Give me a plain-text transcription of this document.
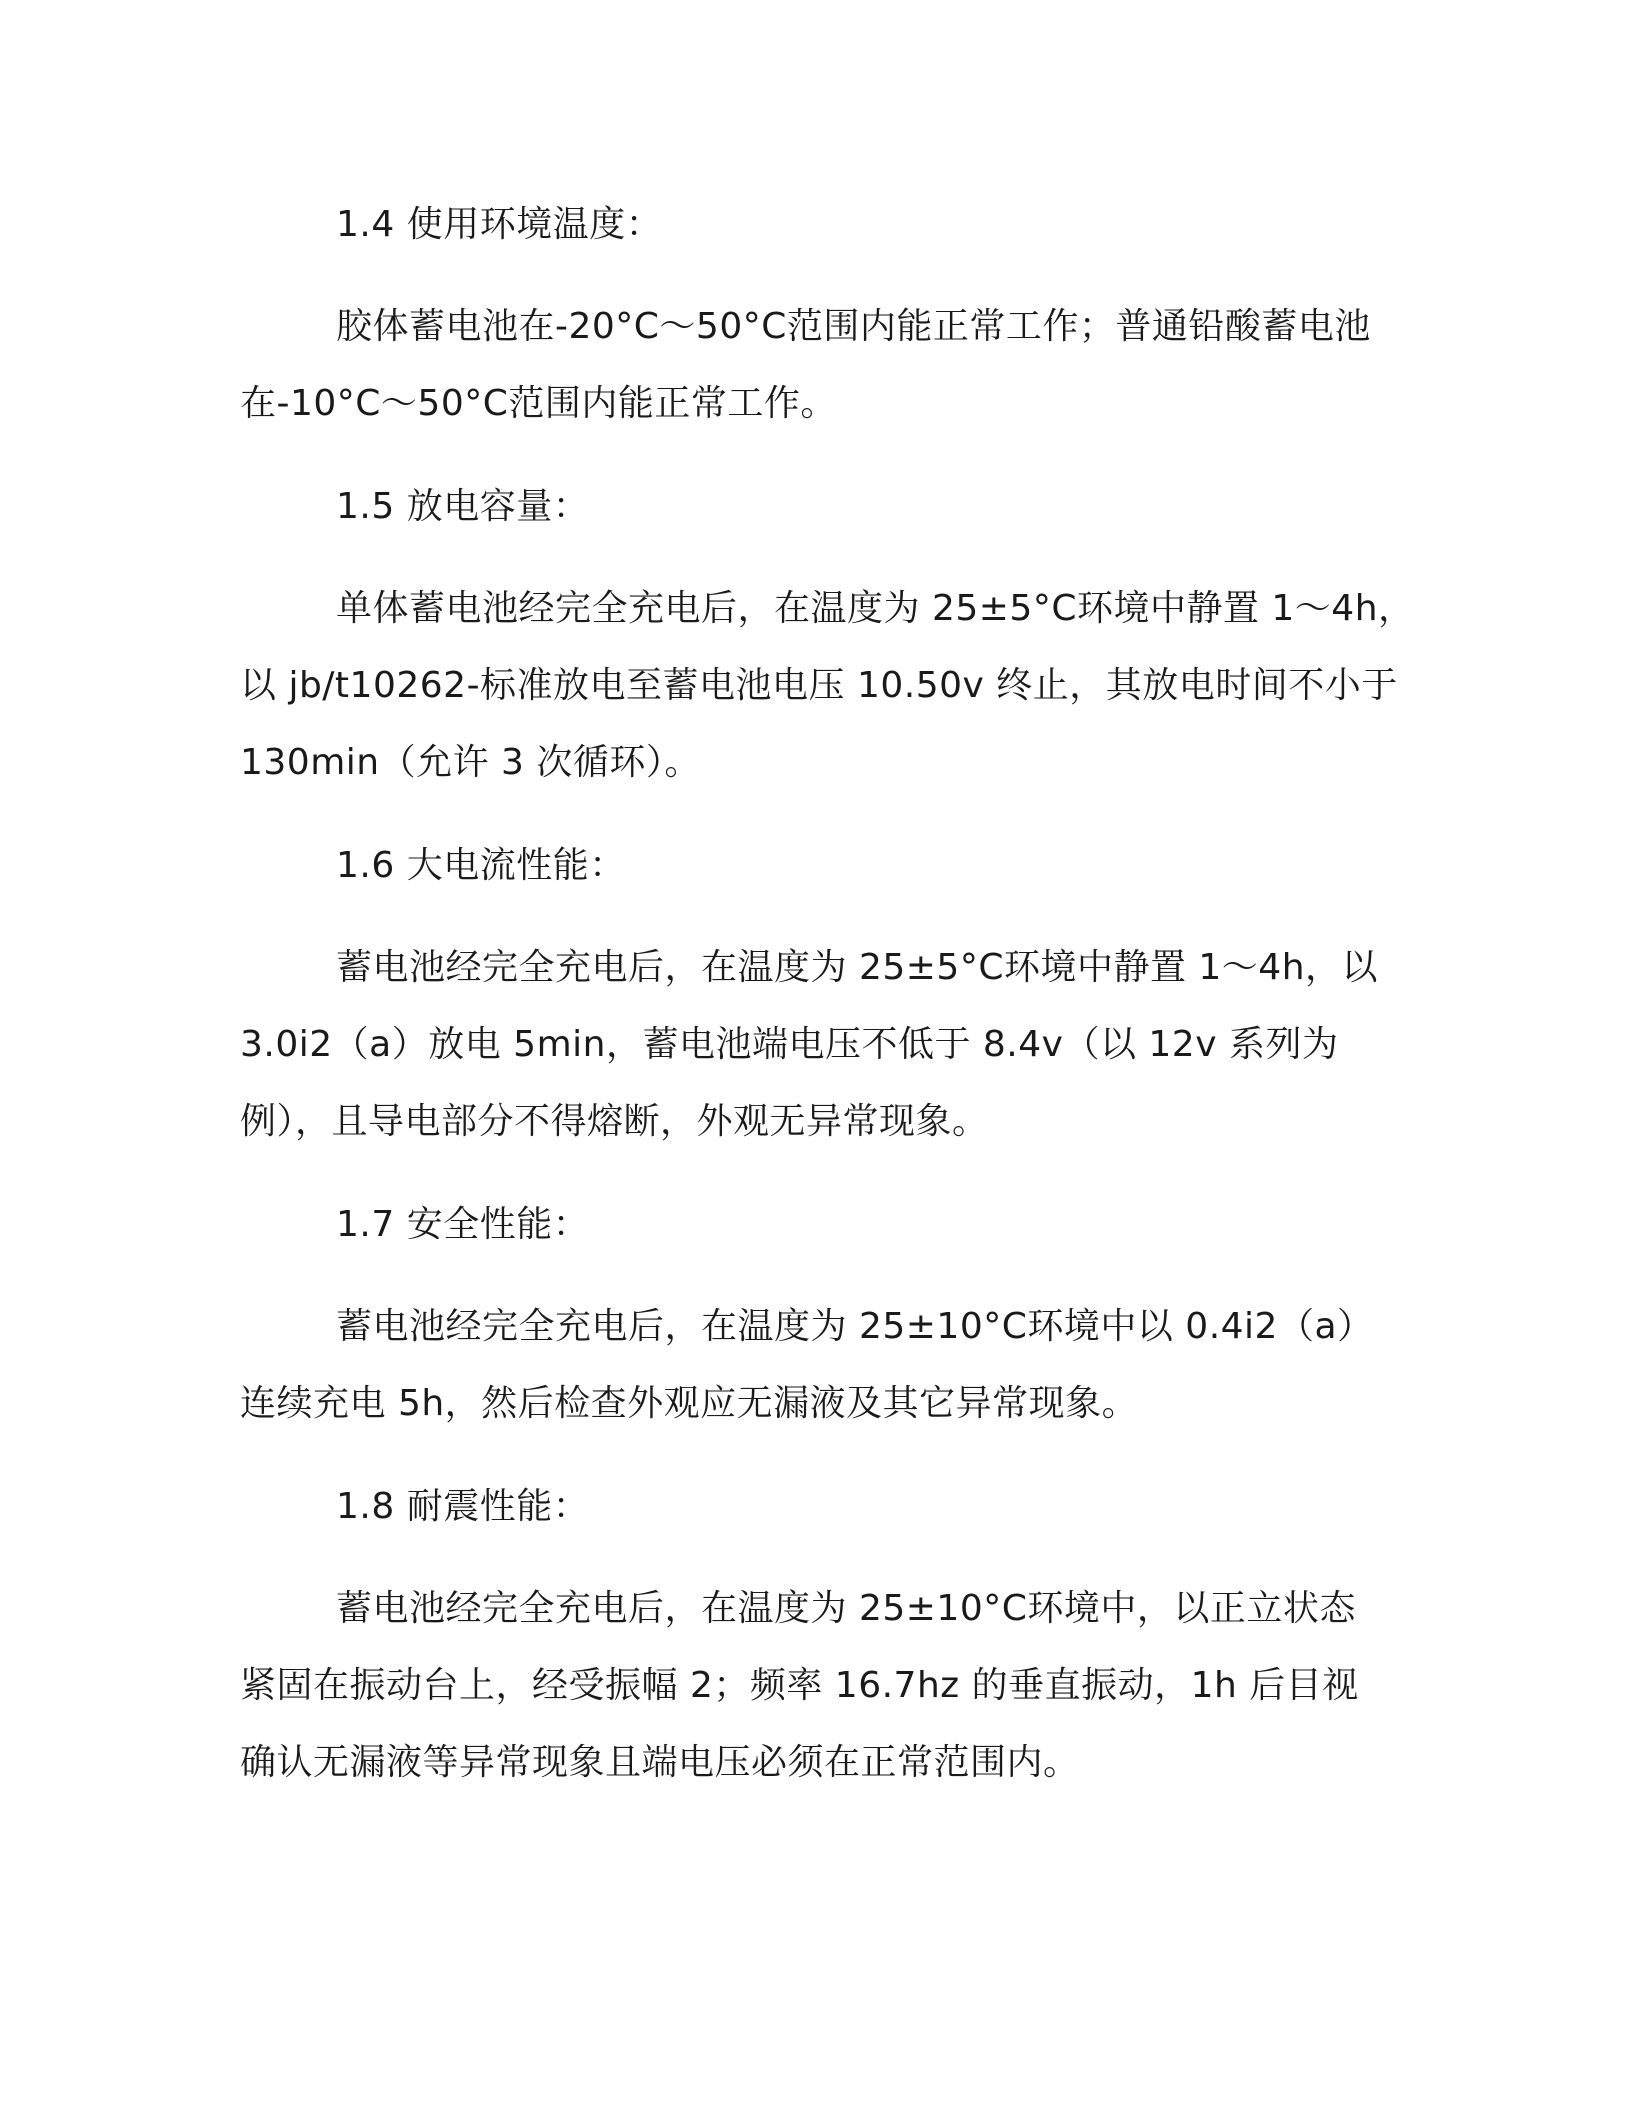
1.4 使用环境温度：
胶体蓄电池在-20°C～50°C范围内能正常工作；普通铅酸蓄电池
在-10°C～50°C范围内能正常工作。
1.5 放电容量：
单体蓄电池经完全充电后，在温度为 25±5°C环境中静置 1～4h，
以 jb/t10262-标准放电至蓄电池电压 10.50v 终止，其放电时间不小于
130min（允许 3 次循环）。
1.6 大电流性能：
蓄电池经完全充电后，在温度为 25±5°C环境中静置 1～4h，以
3.0i2（a）放电 5min，蓄电池端电压不低于 8.4v（以 12v 系列为
例），且导电部分不得熔断，外观无异常现象。
1.7 安全性能：
蓄电池经完全充电后，在温度为 25±10°C环境中以 0.4i2（a）
连续充电 5h，然后检查外观应无漏液及其它异常现象。
1.8 耐震性能：
蓄电池经完全充电后，在温度为 25±10°C环境中，以正立状态
紧固在振动台上，经受振幅 2；频率 16.7hz 的垂直振动，1h 后目视
确认无漏液等异常现象且端电压必须在正常范围内。
